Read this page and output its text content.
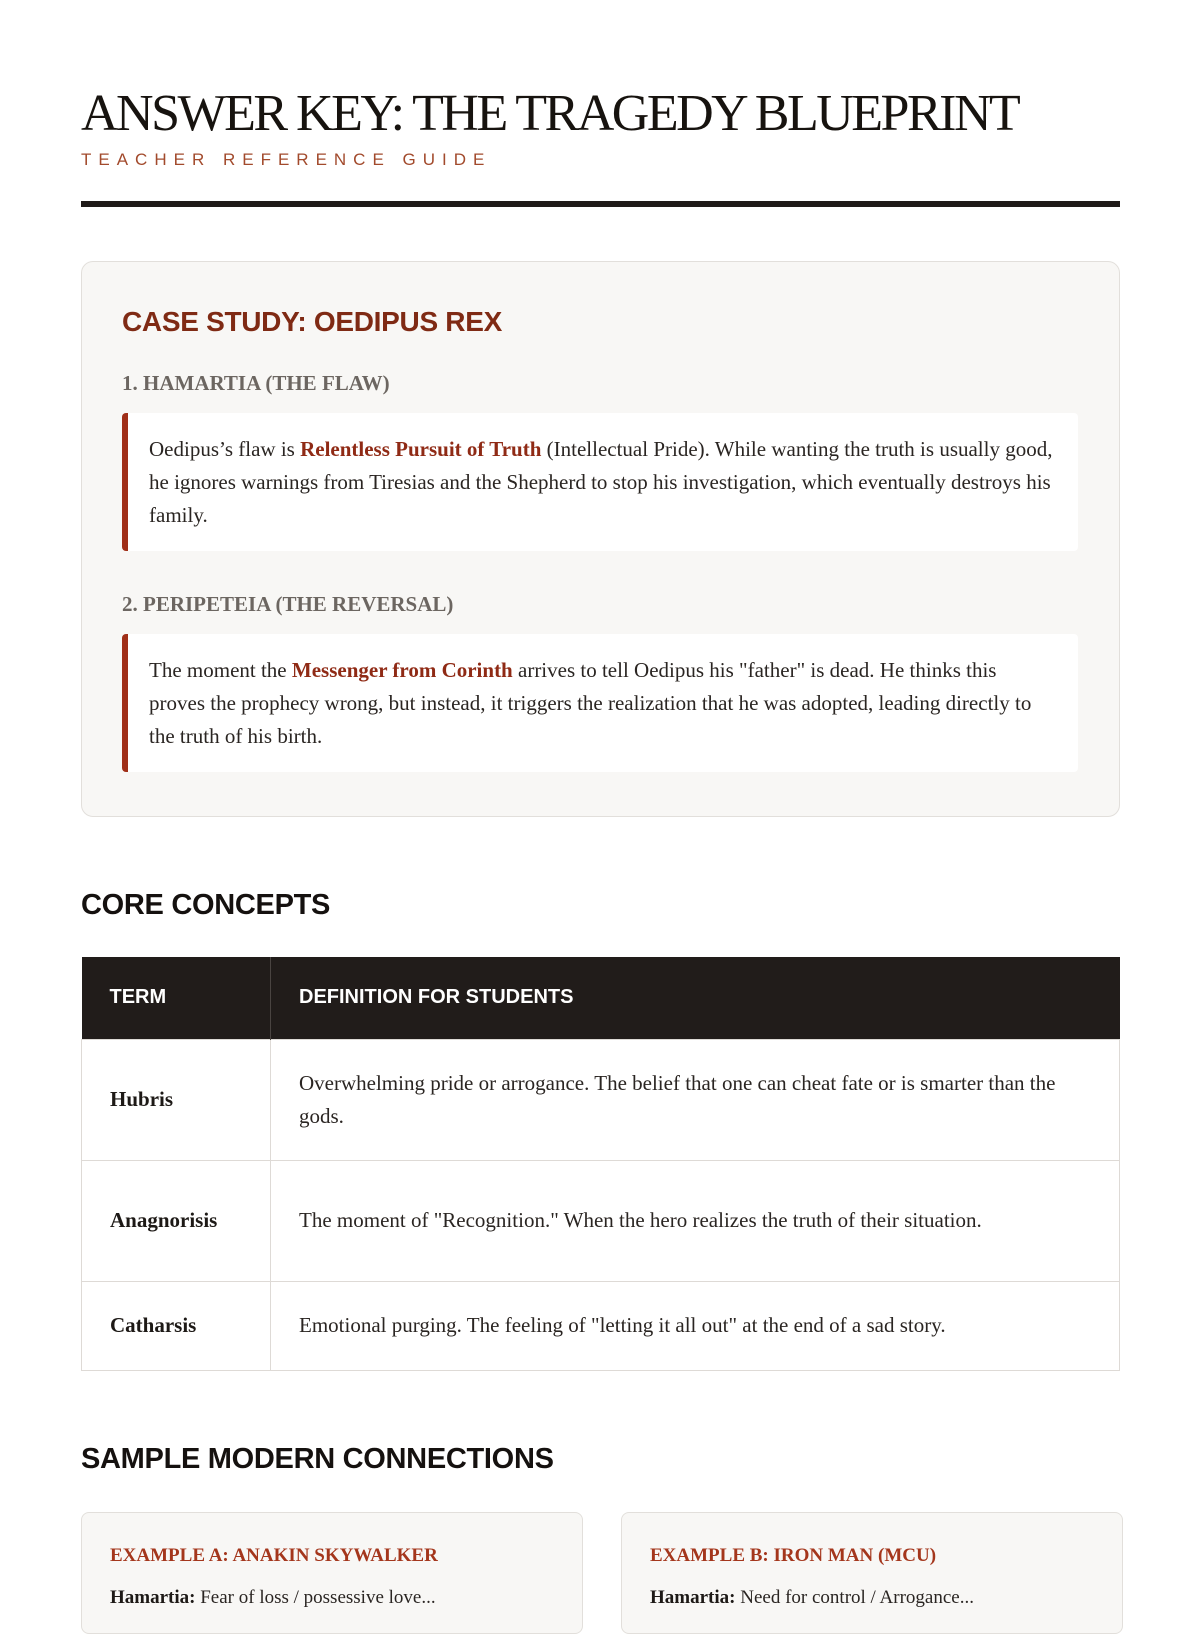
ANSWER KEY: THE TRAGEDY BLUEPRINT
TEACHER REFERENCE GUIDE
CASE STUDY: OEDIPUS REX
1. HAMARTIA (THE FLAW)
Oedipus’s flaw is Relentless Pursuit of Truth (Intellectual Pride). While wanting the truth is usually good, he ignores warnings from Tiresias and the Shepherd to stop his investigation, which eventually destroys his family.
2. PERIPETEIA (THE REVERSAL)
The moment the Messenger from Corinth arrives to tell Oedipus his "father" is dead. He thinks this proves the prophecy wrong, but instead, it triggers the realization that he was adopted, leading directly to the truth of his birth.
CORE CONCEPTS
TERM	DEFINITION FOR STUDENTS
Hubris	Overwhelming pride or arrogance. The belief that one can cheat fate or is smarter than the gods.
Anagnorisis	The moment of "Recognition." When the hero realizes the truth of their situation.
Catharsis	Emotional purging. The feeling of "letting it all out" at the end of a sad story.
SAMPLE MODERN CONNECTIONS
EXAMPLE A: ANAKIN SKYWALKER
Hamartia: Fear of loss / possessive love...
EXAMPLE B: IRON MAN (MCU)
Hamartia: Need for control / Arrogance...
